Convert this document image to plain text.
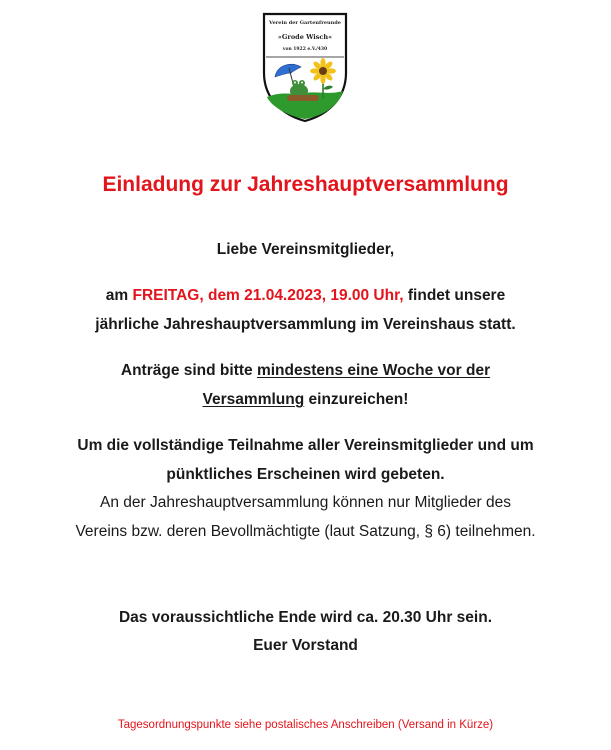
Verein der Gartenfreunde
»Grode Wisch«
von 1922 e.V./430
Einladung zur Jahreshauptversammlung

Liebe Vereinsmitglieder,

am FREITAG, dem 21.04.2023, 19.00 Uhr, findet unsere

jährliche Jahreshauptversammlung im Vereinshaus statt.

Anträge sind bitte mindestens eine Woche vor der

Versammlung einzureichen!

Um die vollständige Teilnahme aller Vereinsmitglieder und um

pünktliches Erscheinen wird gebeten.

An der Jahreshauptversammlung können nur Mitglieder des

Vereins bzw. deren Bevollmächtigte (laut Satzung, § 6) teilnehmen.

Das voraussichtliche Ende wird ca. 20.30 Uhr sein.

Euer Vorstand

Tagesordnungspunkte siehe postalisches Anschreiben (Versand in Kürze)
